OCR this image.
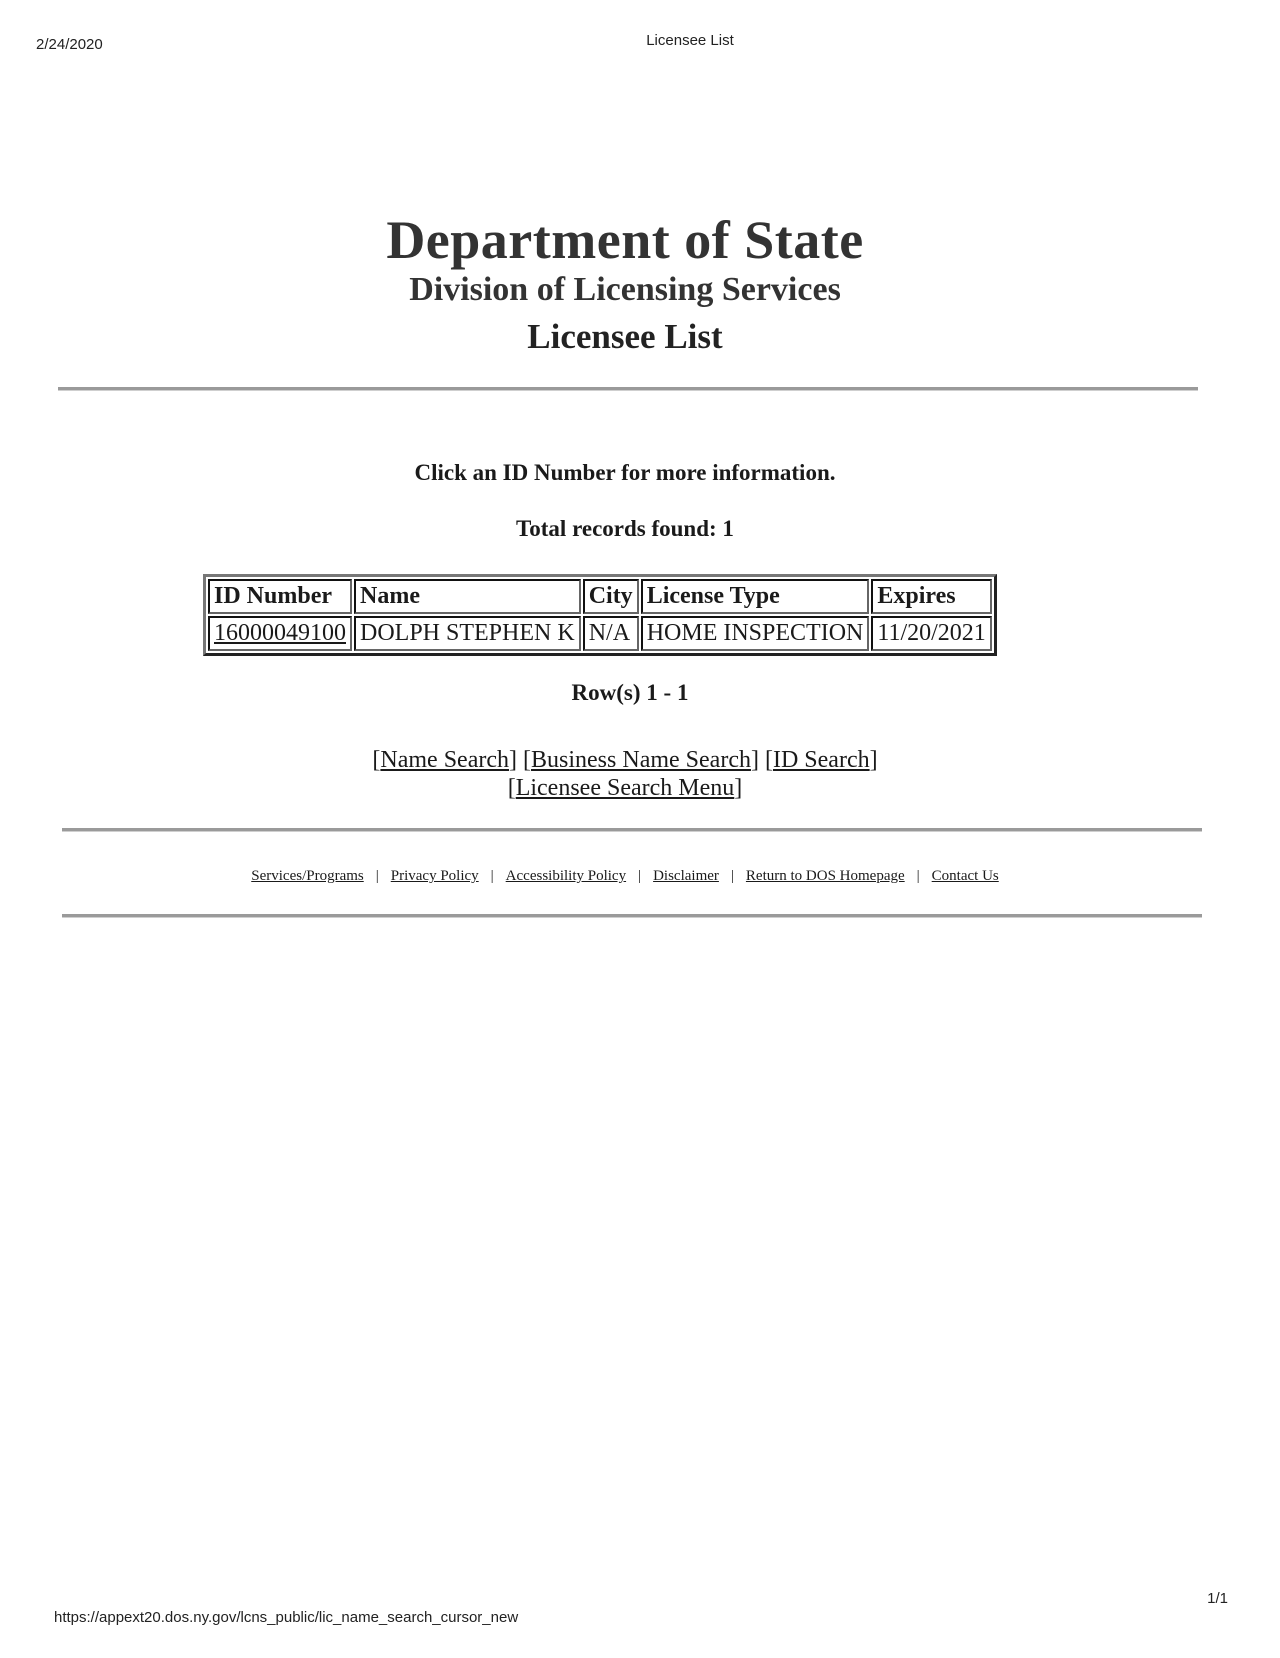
2/24/2020	Licensee List
Department of State
Division of Licensing Services
Licensee List
Click an ID Number for more information.
Total records found: 1
ID Number	Name	City	License Type	Expires
16000049100	DOLPH STEPHEN K	N/A	HOME INSPECTION	11/20/2021
Row(s) 1 - 1
[Name Search] [Business Name Search] [ID Search]
[Licensee Search Menu]
Services/Programs | Privacy Policy | Accessibility Policy | Disclaimer | Return to DOS Homepage | Contact Us
https://appext20.dos.ny.gov/lcns_public/lic_name_search_cursor_new
1/1
